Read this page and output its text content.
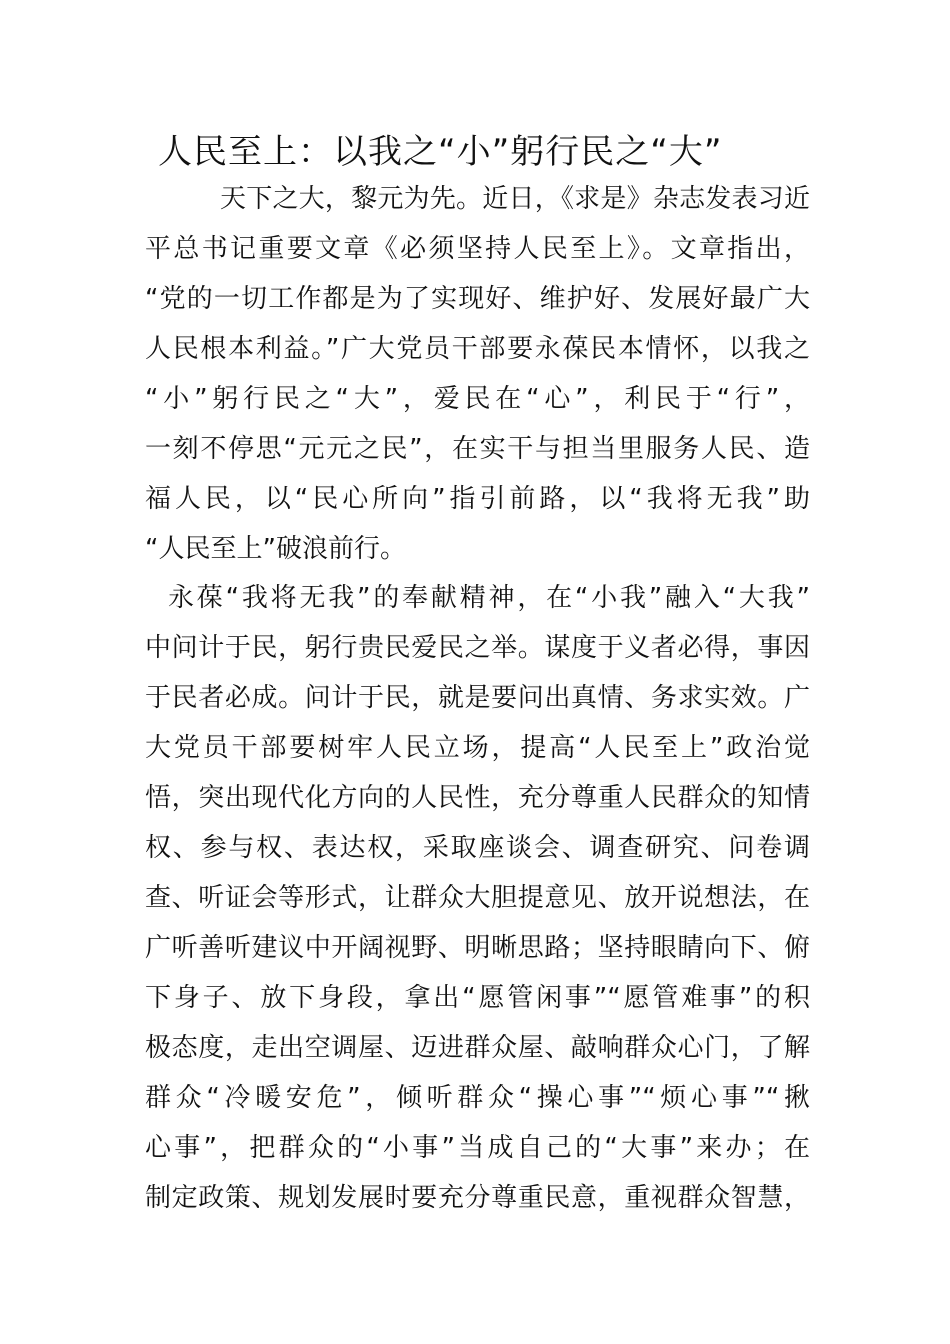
人民至上：以我之“小”躬行民之“大”

天下之大，黎元为先。近日，《求是》杂志发表习近

平总书记重要文章《必须坚持人民至上》。文章指出，

“党的一切工作都是为了实现好、维护好、发展好最广大

人民根本利益。”广大党员干部要永葆民本情怀，以我之

“小”躬行民之“大”，爱民在“心”，利民于“行”，

一刻不停思“元元之民”，在实干与担当里服务人民、造

福人民，以“民心所向”指引前路，以“我将无我”助

“人民至上”破浪前行。

永葆“我将无我”的奉献精神，在“小我”融入“大我”

中问计于民，躬行贵民爱民之举。谋度于义者必得，事因

于民者必成。问计于民，就是要问出真情、务求实效。广

大党员干部要树牢人民立场，提高“人民至上”政治觉

悟，突出现代化方向的人民性，充分尊重人民群众的知情

权、参与权、表达权，采取座谈会、调查研究、问卷调

查、听证会等形式，让群众大胆提意见、放开说想法，在

广听善听建议中开阔视野、明晰思路；坚持眼睛向下、俯

下身子、放下身段，拿出“愿管闲事”“愿管难事”的积

极态度，走出空调屋、迈进群众屋、敲响群众心门，了解

群众“冷暖安危”，倾听群众“操心事”“烦心事”“揪

心事”，把群众的“小事”当成自己的“大事”来办；在

制定政策、规划发展时要充分尊重民意，重视群众智慧，
